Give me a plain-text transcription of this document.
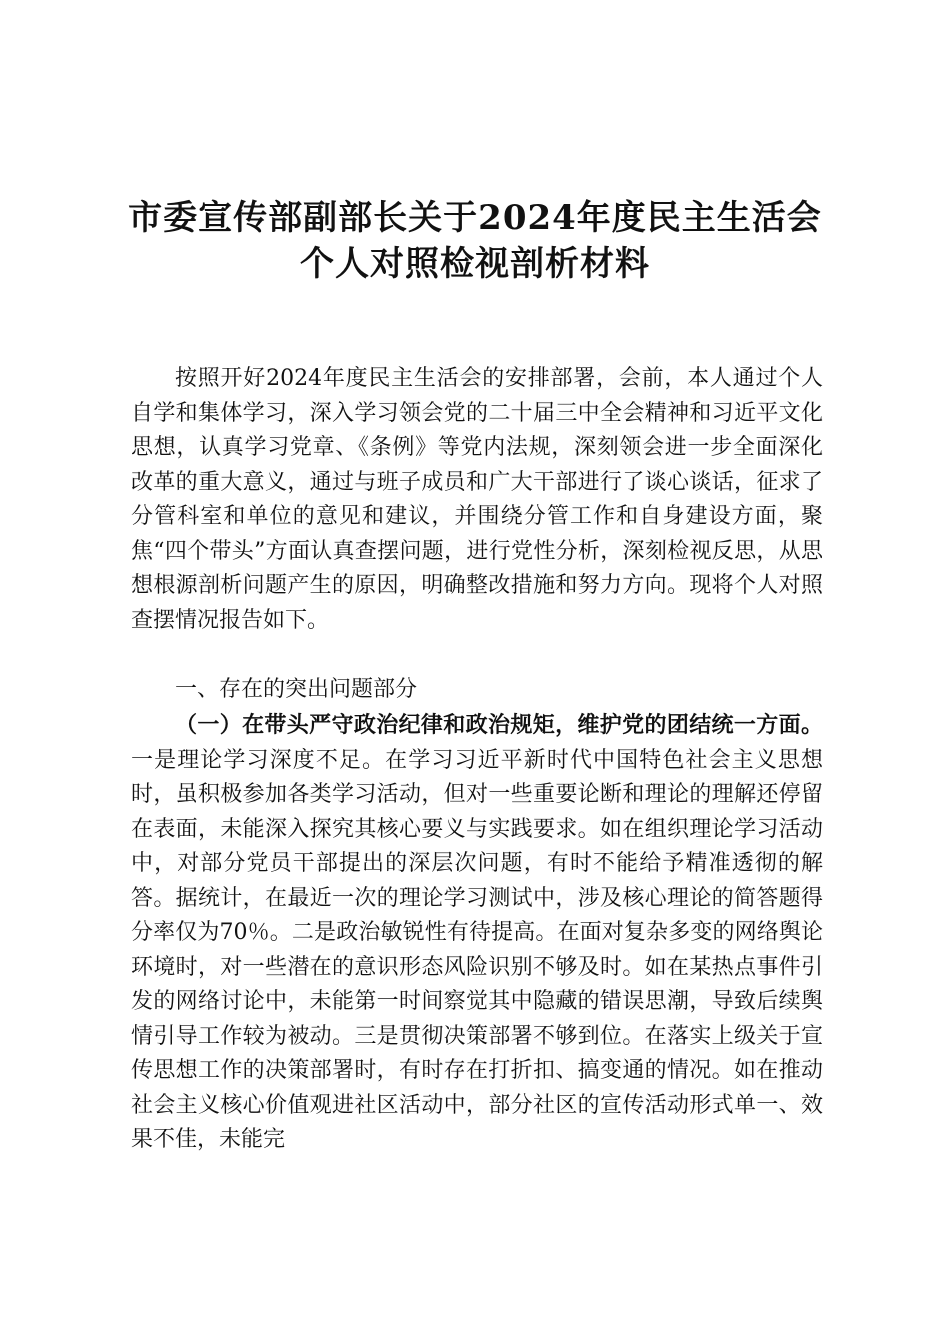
市委宣传部副部长关于2024年度民主生活会
个人对照检视剖析材料

按照开好2024年度民主生活会的安排部署，会前，本人通过个人自学和集体学习，深入学习领会党的二十届三中全会精神和习近平文化思想，认真学习党章、《条例》等党内法规，深刻领会进一步全面深化改革的重大意义，通过与班子成员和广大干部进行了谈心谈话，征求了分管科室和单位的意见和建议，并围绕分管工作和自身建设方面，聚焦“四个带头”方面认真查摆问题，进行党性分析，深刻检视反思，从思想根源剖析问题产生的原因，明确整改措施和努力方向。现将个人对照查摆情况报告如下。

一、存在的突出问题部分

（一）在带头严守政治纪律和政治规矩，维护党的团结统一方面。一是理论学习深度不足。在学习习近平新时代中国特色社会主义思想时，虽积极参加各类学习活动，但对一些重要论断和理论的理解还停留在表面，未能深入探究其核心要义与实践要求。如在组织理论学习活动中，对部分党员干部提出的深层次问题，有时不能给予精准透彻的解答。据统计，在最近一次的理论学习测试中，涉及核心理论的简答题得分率仅为70％。二是政治敏锐性有待提高。在面对复杂多变的网络舆论环境时，对一些潜在的意识形态风险识别不够及时。如在某热点事件引发的网络讨论中，未能第一时间察觉其中隐藏的错误思潮，导致后续舆情引导工作较为被动。三是贯彻决策部署不够到位。在落实上级关于宣传思想工作的决策部署时，有时存在打折扣、搞变通的情况。如在推动社会主义核心价值观进社区活动中，部分社区的宣传活动形式单一、效果不佳，未能完
